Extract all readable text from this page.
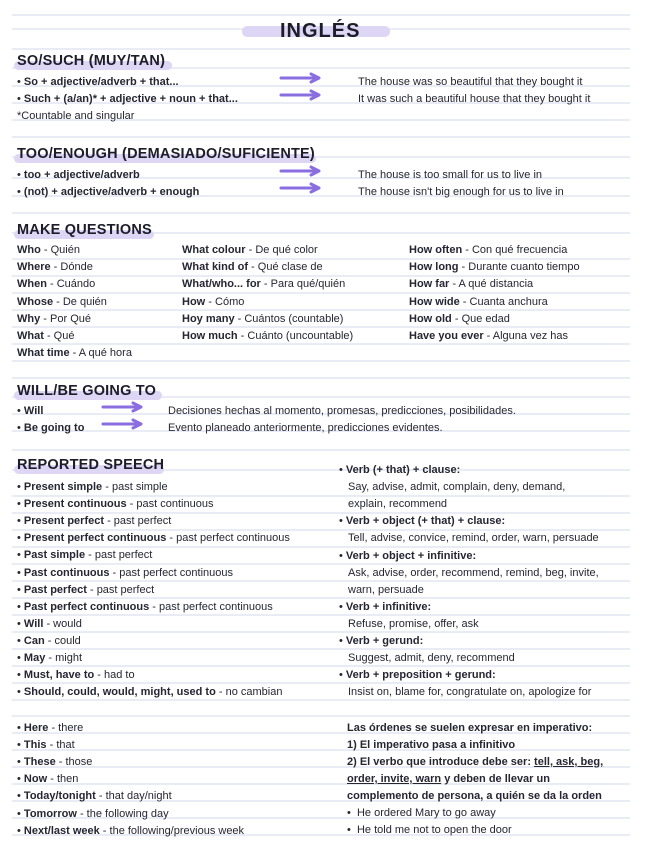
INGLÉS
SO/SUCH (MUY/TAN)
• So + adjective/adverb + that...
• Such + (a/an)* + adjective + noun + that...
The house was so beautiful that they bought it
It was such a beautiful house that they bought it
*Countable and singular
TOO/ENOUGH (DEMASIADO/SUFICIENTE)
• too + adjective/adverb
• (not) + adjective/adverb + enough
The house is too small for us to live in
The house isn't big enough for us to live in
MAKE QUESTIONS
Who - Quién
Where - Dónde
When - Cuándo
Whose - De quién
Why - Por Qué
What - Qué
What time - A qué hora
What colour - De qué color
What kind of - Qué clase de
What/who... for - Para qué/quién
How - Cómo
Hoy many - Cuántos (countable)
How much - Cuánto (uncountable)
How often - Con qué frecuencia
How long - Durante cuanto tiempo
How far - A qué distancia
How wide - Cuanta anchura
How old - Que edad
Have you ever - Alguna vez has
WILL/BE GOING TO
• Will
• Be going to
Decisiones hechas al momento, promesas, predicciones, posibilidades.
Evento planeado anteriormente, predicciones evidentes.
REPORTED SPEECH
• Present simple - past simple
• Present continuous - past continuous
• Present perfect - past perfect
• Present perfect continuous - past perfect continuous
• Past simple - past perfect
• Past continuous - past perfect continuous
• Past perfect - past perfect
• Past perfect continuous - past perfect continuous
• Will - would
• Can - could
• May - might
• Must, have to - had to
• Should, could, would, might, used to - no cambian
• Verb (+ that) + clause:
Say, advise, admit, complain, deny, demand,
explain, recommend
• Verb + object (+ that) + clause:
Tell, advise, convice, remind, order, warn, persuade
• Verb + object + infinitive:
Ask, advise, order, recommend, remind, beg, invite,
warn, persuade
• Verb + infinitive:
Refuse, promise, offer, ask
• Verb + gerund:
Suggest, admit, deny, recommend
• Verb + preposition + gerund:
Insist on, blame for, congratulate on, apologize for
• Here - there
• This - that
• These - those
• Now - then
• Today/tonight - that day/night
• Tomorrow - the following day
• Next/last week - the following/previous week
Las órdenes se suelen expresar en imperativo:
1) El imperativo pasa a infinitivo
2) El verbo que introduce debe ser: tell, ask, beg,
order, invite, warn y deben de llevar un
complemento de persona, a quién se da la orden
•  He ordered Mary to go away
•  He told me not to open the door
